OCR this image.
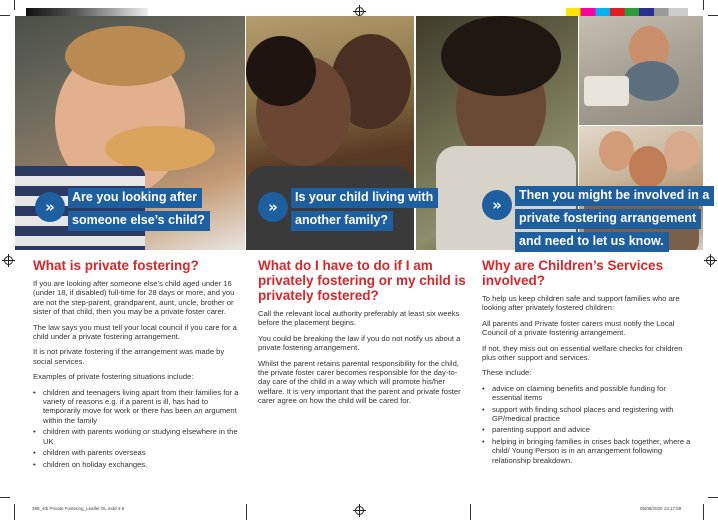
»
Are you looking after
someone else’s child?
»
Is your child living with
another family?
»
Then you might be involved in a
private fostering arrangement
and need to let us know.
What is private fostering?

If you are looking after someone else’s child aged under 16 (under 18, if disabled) full-time for 28 days or more, and you are not the step-parent, grandparent, aunt, uncle, brother or sister of that child, then you may be a private foster carer.

The law says you must tell your local council if you care for a child under a private fostering arrangement.

It is not private fostering if the arrangement was made by social services.

Examples of private fostering situations include:

• children and teenagers living apart from their families for a variety of reasons e.g. if a parent is ill, has had to temporarily move for work or there has been an argument within the family
• children with parents working or studying elsewhere in the UK
• children with parents overseas
• children on holiday exchanges.
What do I have to do if I am privately fostering or my child is privately fostered?

Call the relevant local authority preferably at least six weeks before the placement begins.

You could be breaking the law if you do not notify us about a private fostering arrangement.

Whilst the parent retains parental responsibility for the child, the private foster carer becomes responsible for the day-to-day care of the child in a way which will promote his/her welfare. It is very important that the parent and private foster carer agree on how the child will be cared for.

Why are Children’s Services involved?

To help us keep children safe and support families who are looking after privately fostered children:

All parents and Private foster carers must notify the Local Council of a private fostering arrangement.

If not, they miss out on essential welfare checks for children plus other support and services.

These include:

• advice on claiming benefits and possible funding for essential items
• support with finding school places and registering with GP/medical practice
• parenting support and advice
• helping in bringing families in crises back together, where a child/ Young Person is in an arrangement following relationship breakdown.
389_4th Private Fostering_Leaflet OL.indd 4-6	05/08/2020 13:17:59
